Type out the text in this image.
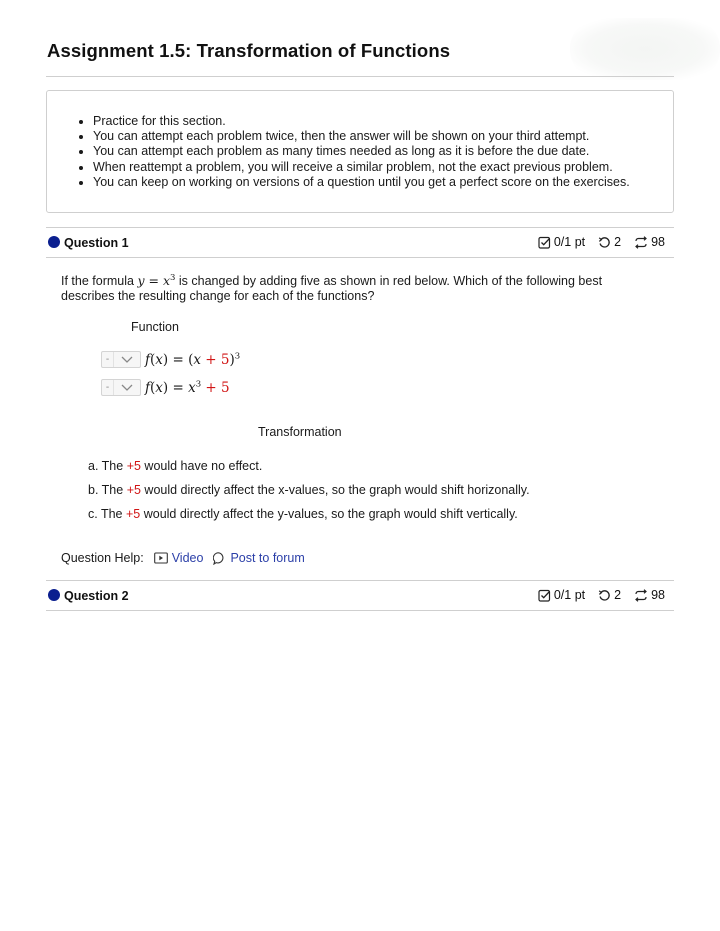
Assignment 1.5: Transformation of Functions
• Practice for this section.
• You can attempt each problem twice, then the answer will be shown on your third attempt.
• You can attempt each problem as many times needed as long as it is before the due date.
• When reattempt a problem, you will receive a similar problem, not the exact previous problem.
• You can keep on working on versions of a question until you get a perfect score on the exercises.
Question 1	0/1 pt 2 98
If the formula $y = x^3$ is changed by adding five as shown in red below. Which of the following best describes the resulting change for each of the functions?
Function
-	$f(x) = (x + 5)^3$
-	$f(x) = x^3 + 5$
Transformation
a. The +5 would have no effect.
b. The +5 would directly affect the x-values, so the graph would shift horizonally.
c. The +5 would directly affect the y-values, so the graph would shift vertically.
Question Help: Video Post to forum
Question 2	0/1 pt 2 98
